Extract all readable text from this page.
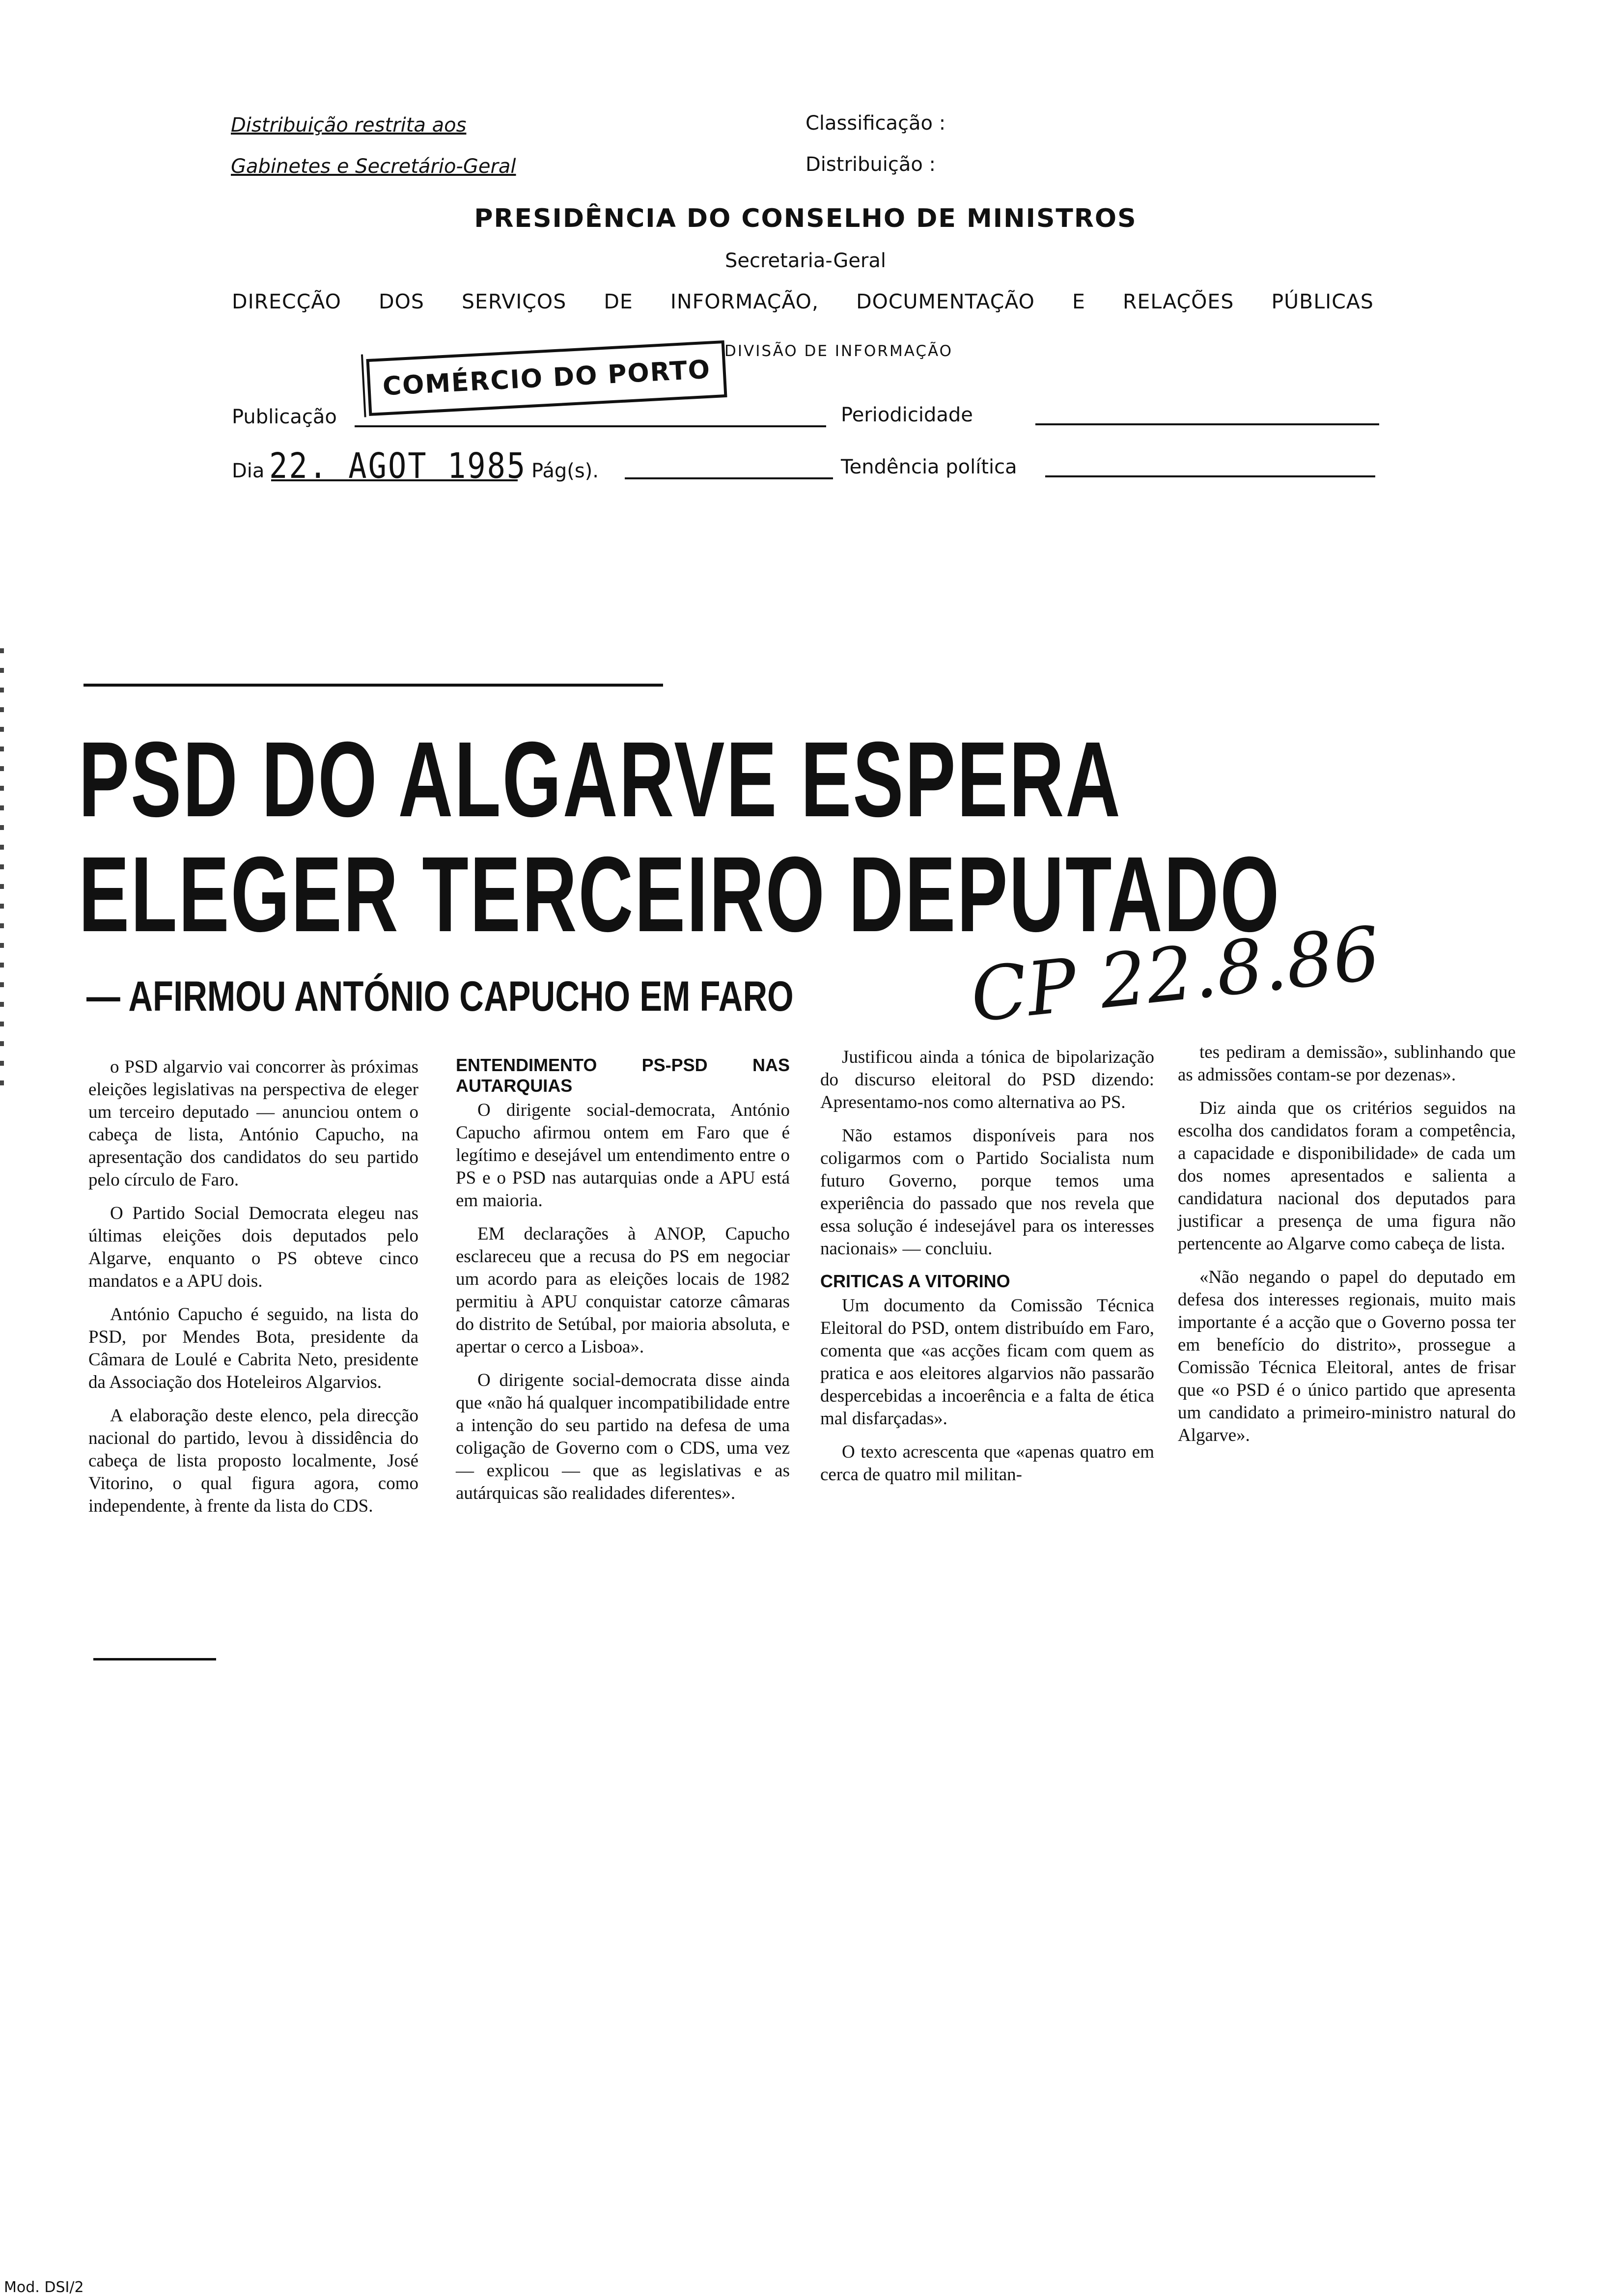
Distribuição restrita aos
Gabinetes e Secretário-Geral
Classificação :
Distribuição :
PRESIDÊNCIA DO CONSELHO DE MINISTROS
Secretaria-Geral
DIRECÇÃO DOS SERVIÇOS DE INFORMAÇÃO, DOCUMENTAÇÃO E RELAÇÕES PÚBLICAS
DIVISÃO DE INFORMAÇÃO
COMÉRCIO DO PORTO
Publicação	Periodicidade
Dia 22. AGOT 1985 Pág(s).	Tendência política
PSD DO ALGARVE ESPERA
ELEGER TERCEIRO DEPUTADO
— AFIRMOU ANTÓNIO CAPUCHO EM FARO CP 22.8.86

o PSD algarvio vai concorrer às próximas eleições legislativas na perspectiva de eleger um terceiro deputado — anunciou ontem o cabeça de lista, António Capucho, na apresentação dos candidatos do seu partido pelo círculo de Faro.

O Partido Social Democrata elegeu nas últimas eleições dois deputados pelo Algarve, enquanto o PS obteve cinco mandatos e a APU dois.

António Capucho é seguido, na lista do PSD, por Mendes Bota, presidente da Câmara de Loulé e Cabrita Neto, presidente da Associação dos Hoteleiros Algarvios.

A elaboração deste elenco, pela direcção nacional do partido, levou à dissidência do cabeça de lista proposto localmente, José Vitorino, o qual figura agora, como independente, à frente da lista do CDS.

ENTENDIMENTO PS-PSD NAS AUTARQUIAS

O dirigente social-democrata, António Capucho afirmou ontem em Faro que é legítimo e desejável um entendimento entre o PS e o PSD nas autarquias onde a APU está em maioria.

EM declarações à ANOP, Capucho esclareceu que a recusa do PS em negociar um acordo para as eleições locais de 1982 permitiu à APU conquistar catorze câmaras do distrito de Setúbal, por maioria absoluta, e apertar o cerco a Lisboa».

O dirigente social-democrata disse ainda que «não há qualquer incompatibilidade entre a intenção do seu partido na defesa de uma coligação de Governo com o CDS, uma vez — explicou — que as legislativas e as autárquicas são realidades diferentes».

Justificou ainda a tónica de bipolarização do discurso eleitoral do PSD dizendo: Apresentamo-nos como alternativa ao PS.

Não estamos disponíveis para nos coligarmos com o Partido Socialista num futuro Governo, porque temos uma experiência do passado que nos revela que essa solução é indesejável para os interesses nacionais» — concluiu.

CRITICAS A VITORINO

Um documento da Comissão Técnica Eleitoral do PSD, ontem distribuído em Faro, comenta que «as acções ficam com quem as pratica e aos eleitores algarvios não passarão despercebidas a incoerência e a falta de ética mal disfarçadas».

O texto acrescenta que «apenas quatro em cerca de quatro mil militan-

tes pediram a demissão», sublinhando que as admissões contam-se por dezenas».

Diz ainda que os critérios seguidos na escolha dos candidatos foram a competência, a capacidade e disponibilidade» de cada um dos nomes apresentados e salienta a candidatura nacional dos deputados para justificar a presença de uma figura não pertencente ao Algarve como cabeça de lista.

«Não negando o papel do deputado em defesa dos interesses regionais, muito mais importante é a acção que o Governo possa ter em benefício do distrito», prossegue a Comissão Técnica Eleitoral, antes de frisar que «o PSD é o único partido que apresenta um candidato a primeiro-ministro natural do Algarve».

Mod. DSI/2
